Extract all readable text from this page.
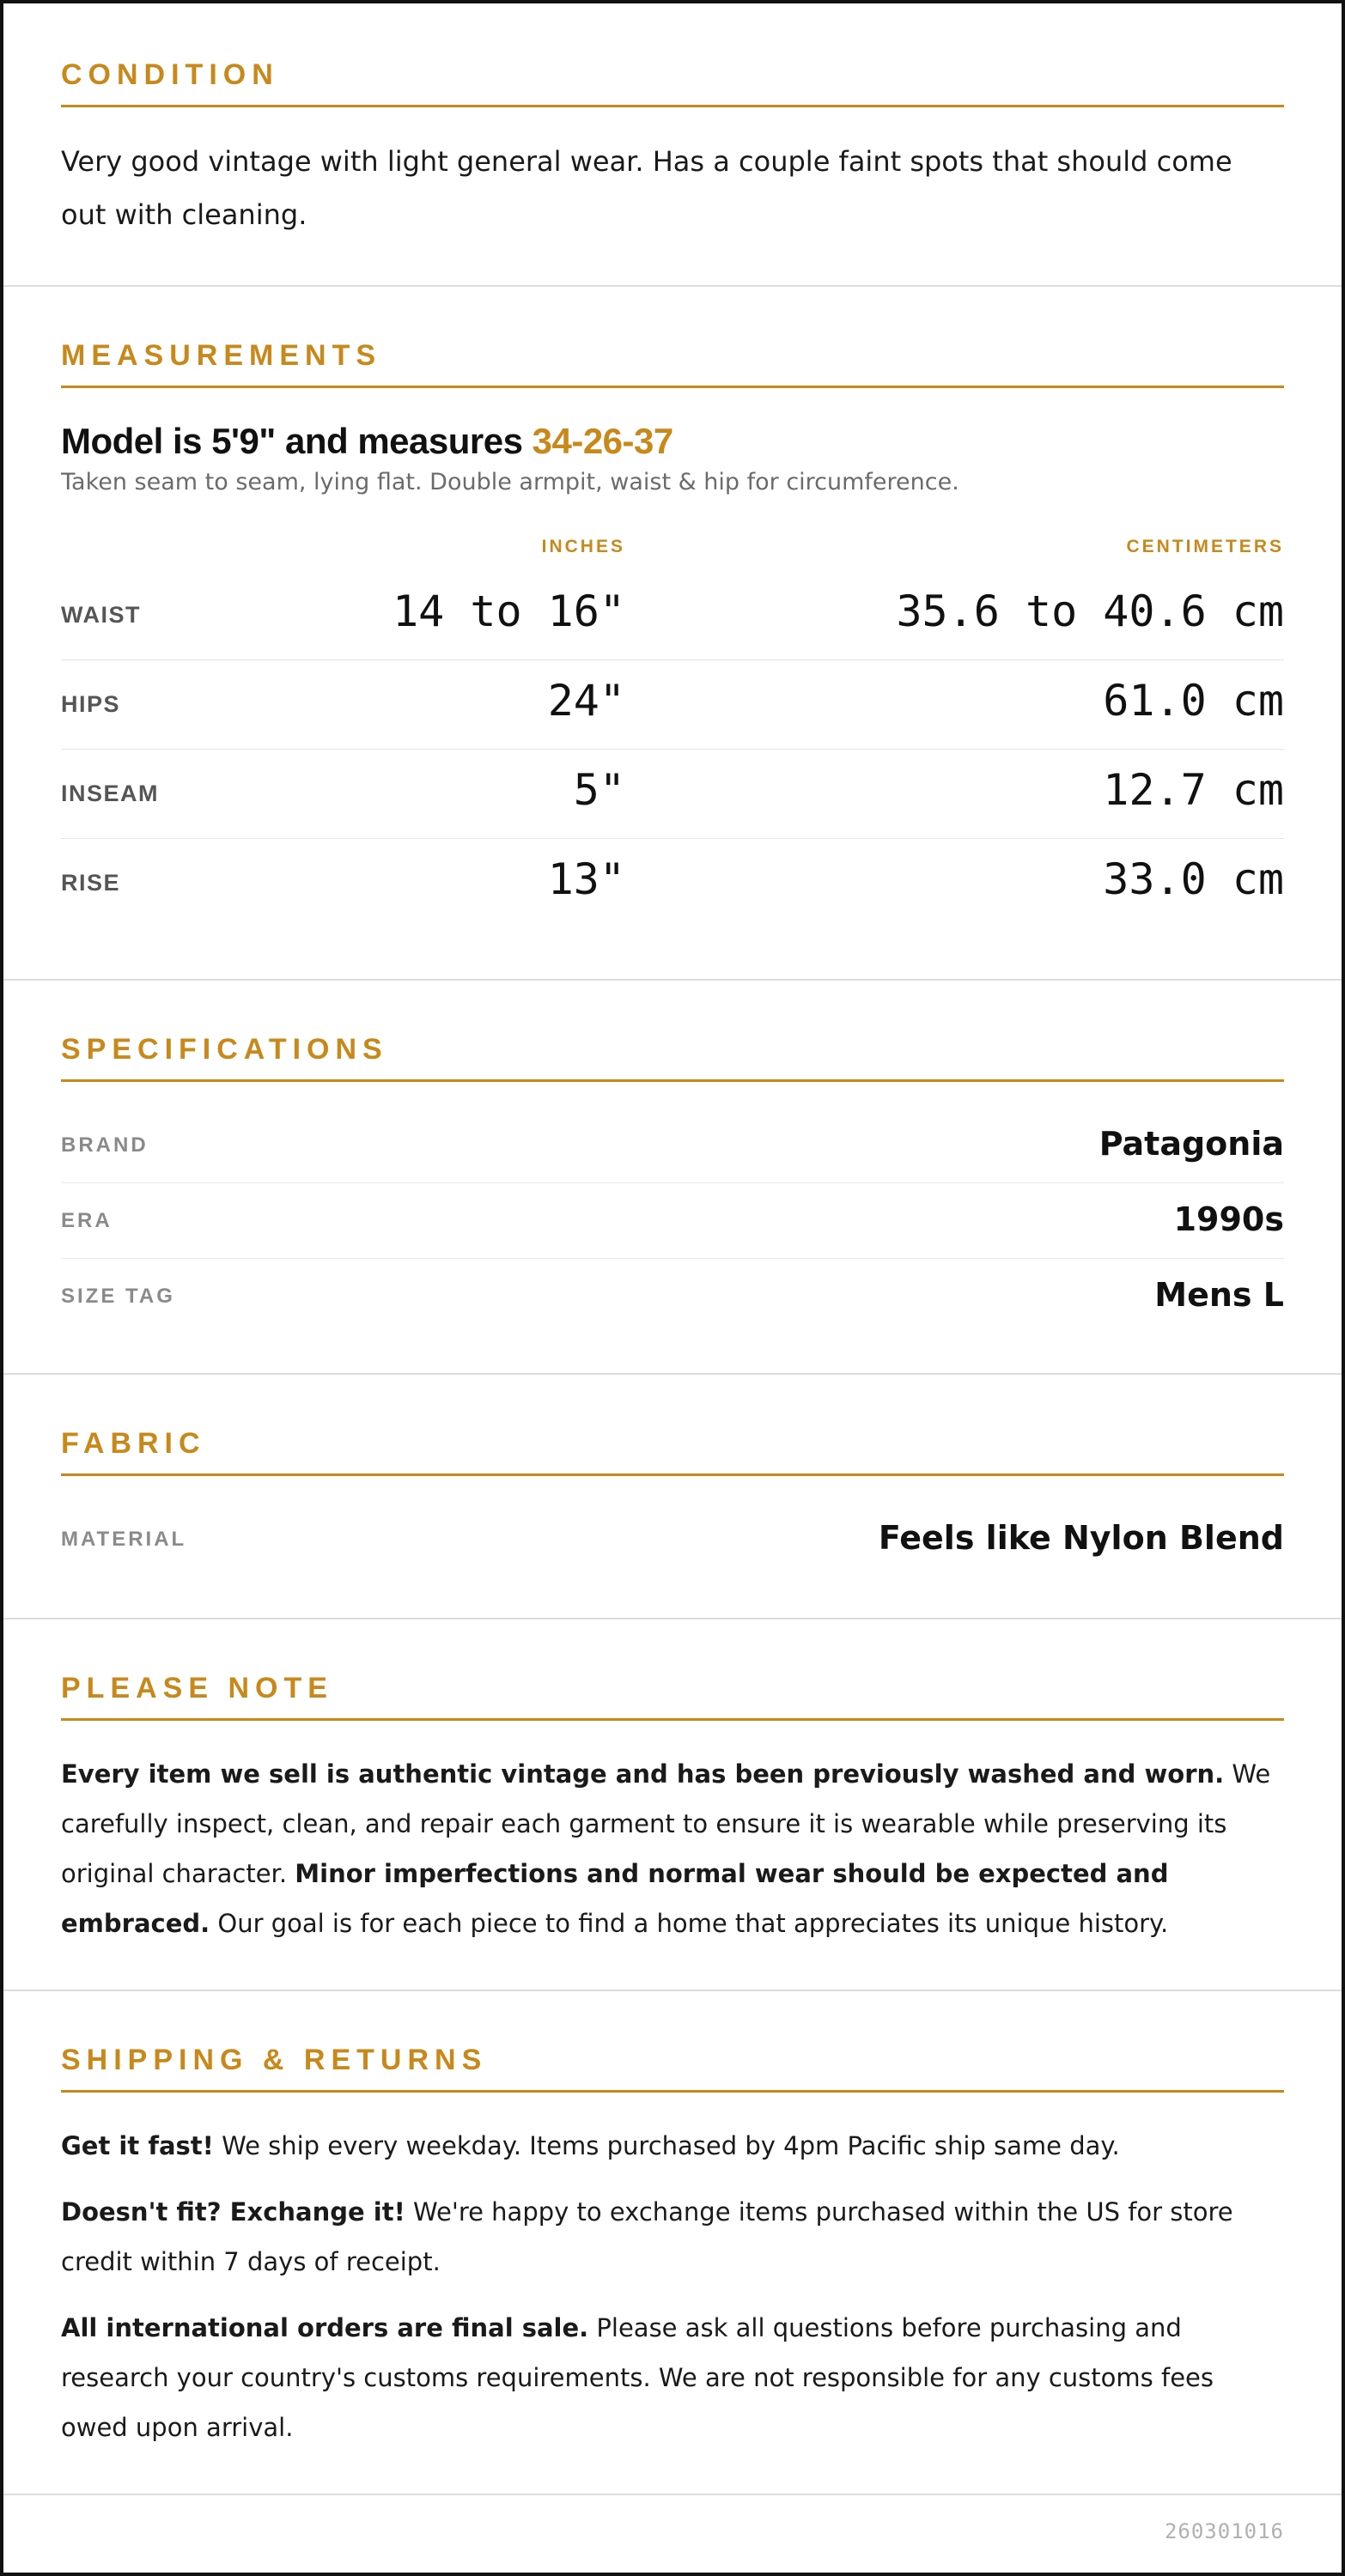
CONDITION
Very good vintage with light general wear. Has a couple faint spots that should come out with cleaning.
MEASUREMENTS
Model is 5'9" and measures 34-26-37
Taken seam to seam, lying flat. Double armpit, waist & hip for circumference.
INCHES	CENTIMETERS
WAIST	14 to 16"	35.6 to 40.6 cm
HIPS	24"	61.0 cm
INSEAM	5"	12.7 cm
RISE	13"	33.0 cm
SPECIFICATIONS
BRAND	Patagonia
ERA	1990s
SIZE TAG	Mens L
FABRIC
MATERIAL	Feels like Nylon Blend
PLEASE NOTE
Every item we sell is authentic vintage and has been previously washed and worn. We carefully inspect, clean, and repair each garment to ensure it is wearable while preserving its original character. Minor imperfections and normal wear should be expected and embraced. Our goal is for each piece to find a home that appreciates its unique history.
SHIPPING & RETURNS
Get it fast! We ship every weekday. Items purchased by 4pm Pacific ship same day.
Doesn't fit? Exchange it! We're happy to exchange items purchased within the US for store credit within 7 days of receipt.
All international orders are final sale. Please ask all questions before purchasing and research your country's customs requirements. We are not responsible for any customs fees owed upon arrival.
260301016
